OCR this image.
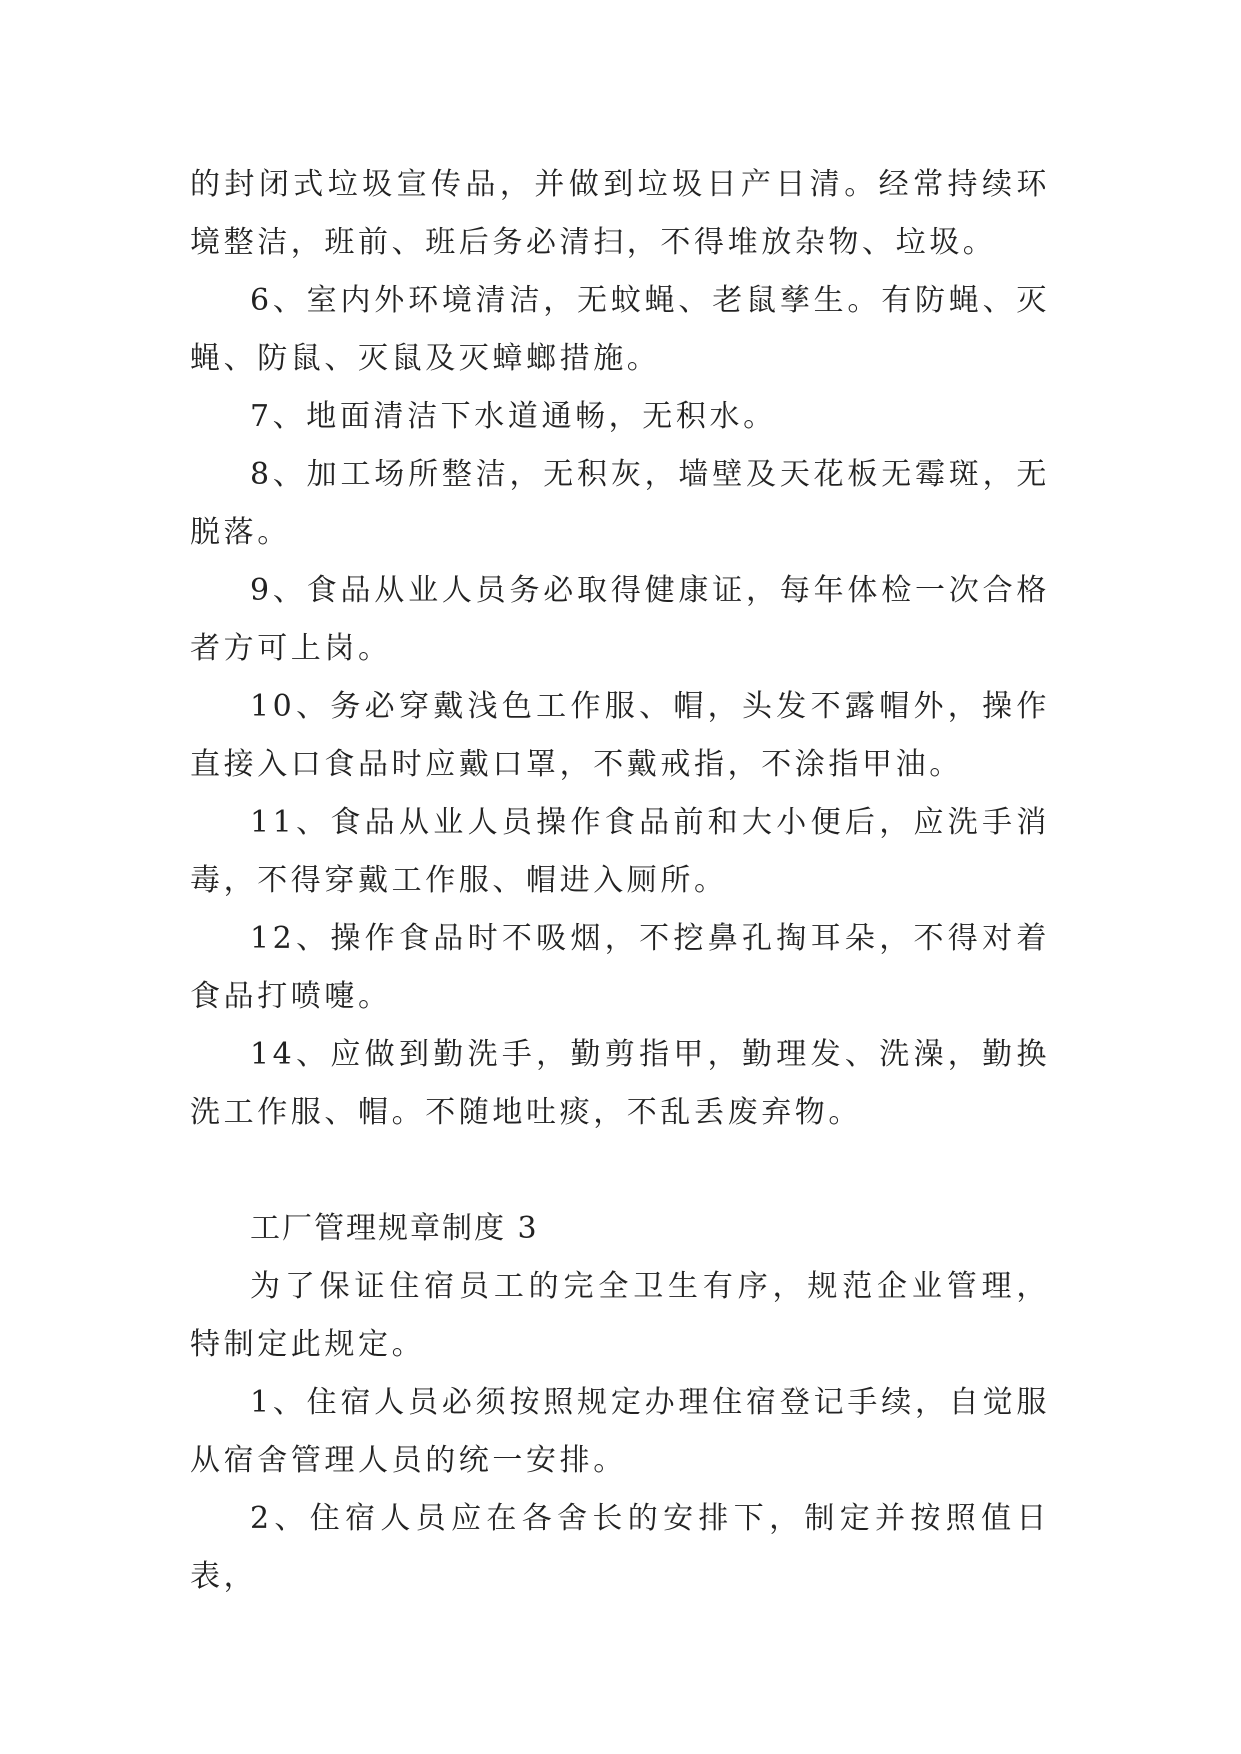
的封闭式垃圾宣传品，并做到垃圾日产日清。经常持续环境整洁，班前、班后务必清扫，不得堆放杂物、垃圾。

6、室内外环境清洁，无蚊蝇、老鼠孳生。有防蝇、灭蝇、防鼠、灭鼠及灭蟑螂措施。

7、地面清洁下水道通畅，无积水。

8、加工场所整洁，无积灰，墙壁及天花板无霉斑，无脱落。

9、食品从业人员务必取得健康证，每年体检一次合格者方可上岗。

10、务必穿戴浅色工作服、帽，头发不露帽外，操作直接入口食品时应戴口罩，不戴戒指，不涂指甲油。

11、食品从业人员操作食品前和大小便后，应洗手消毒，不得穿戴工作服、帽进入厕所。

12、操作食品时不吸烟，不挖鼻孔掏耳朵，不得对着食品打喷嚏。

14、应做到勤洗手，勤剪指甲，勤理发、洗澡，勤换洗工作服、帽。不随地吐痰，不乱丢废弃物。

工厂管理规章制度 3

为了保证住宿员工的完全卫生有序，规范企业管理，特制定此规定。

1、住宿人员必须按照规定办理住宿登记手续，自觉服从宿舍管理人员的统一安排。

2、住宿人员应在各舍长的安排下，制定并按照值日表，
